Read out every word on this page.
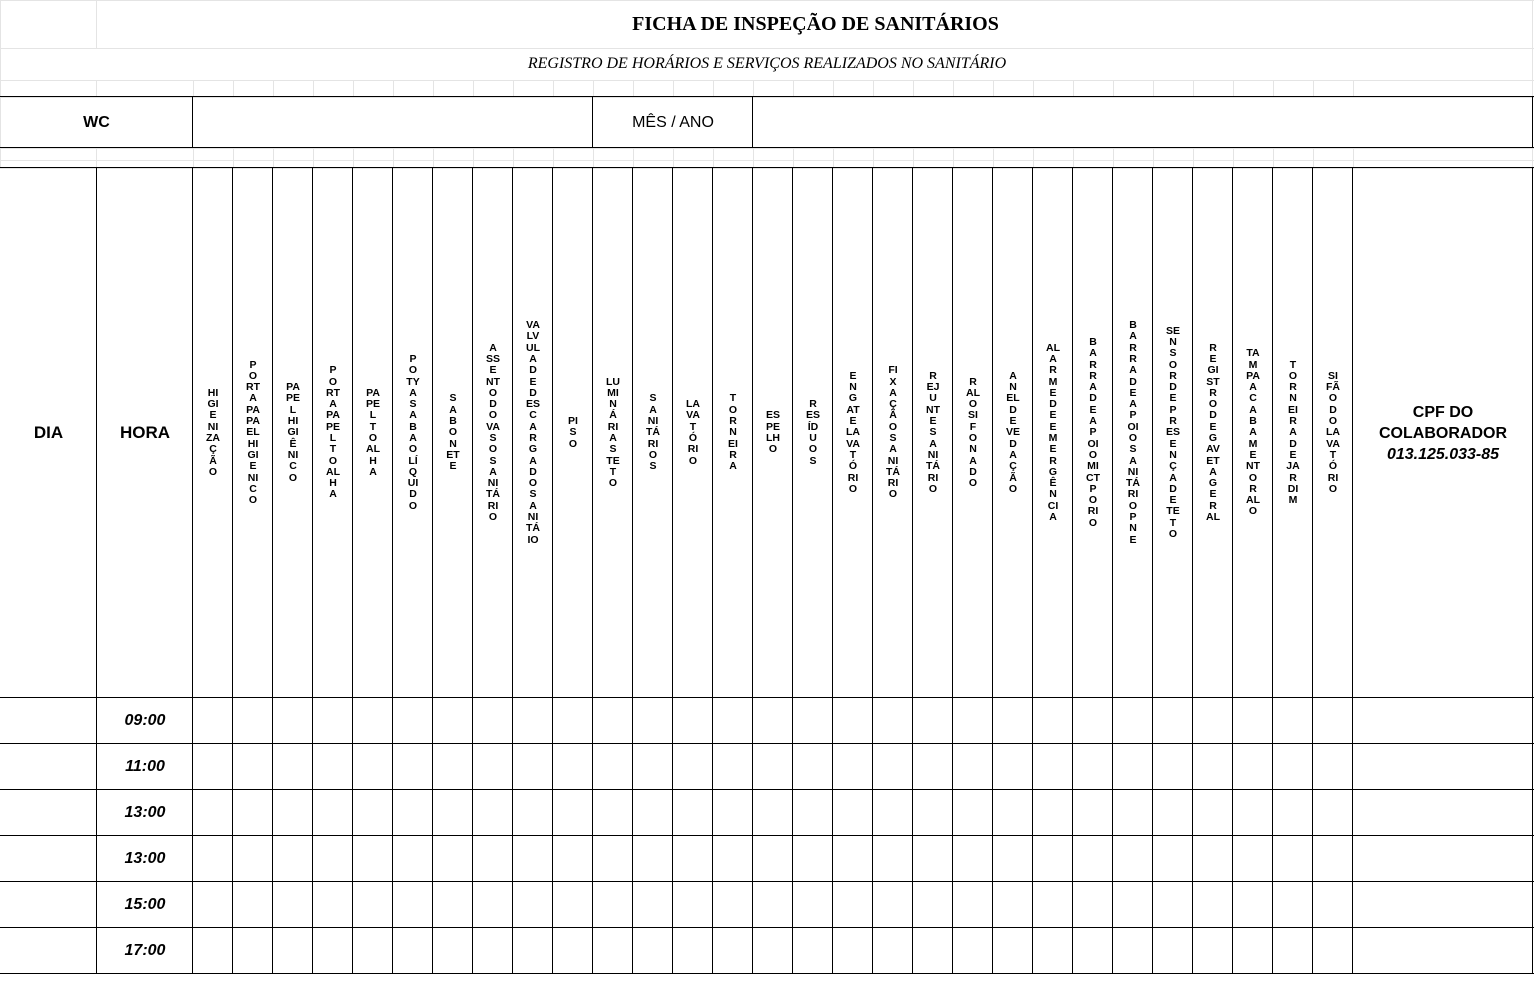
FICHA DE INSPEÇÃO DE SANITÁRIOS
REGISTRO DE HORÁRIOS E SERVIÇOS REALIZADOS NO SANITÁRIO
WC	MÊS / ANO
DIA	HORA
HIGIENIZAÇÃO
PORTA PAPAEL HIGIENICO
PAPEL HIGIÊNICO
PORTA PAPEL TOALHA
PAPEL TOALHA
POTYA SABAO LÍQUIDO
SABONETE
ASSENTO DO VASO SANITÁRIO
VALVULA DE DESCARGA DO SANITÁIO
PISO
LUMINÁRIAS TETO
SANITÁRIOS
LAVATÓRIO
TORNEIRA
ESPELHO
RESÍDUOS
ENGATE LAVATÓRIO
FIXAÇÃO SANITÁRIO
REJUNTE SANITÁRIO
RALO SIFONADO
ANEL DE VEDAÇÃO
ALARME DE EMERGÊNCIA
BARRA DE APOIO MICTPORIO
BARRA DE APOIO SANITÁRIO PNE
SENSOR DE PRESENÇA DE TETO
REGISTRO DE GAVETA GERAL
TAMPA ACABAMENTO RALO
TORNEIRA DE JARDIM
SIFÃO DO LAVATÓRIO
CPF DO COLABORADOR
013.125.033-85
09:00
11:00
13:00
13:00
15:00
17:00
